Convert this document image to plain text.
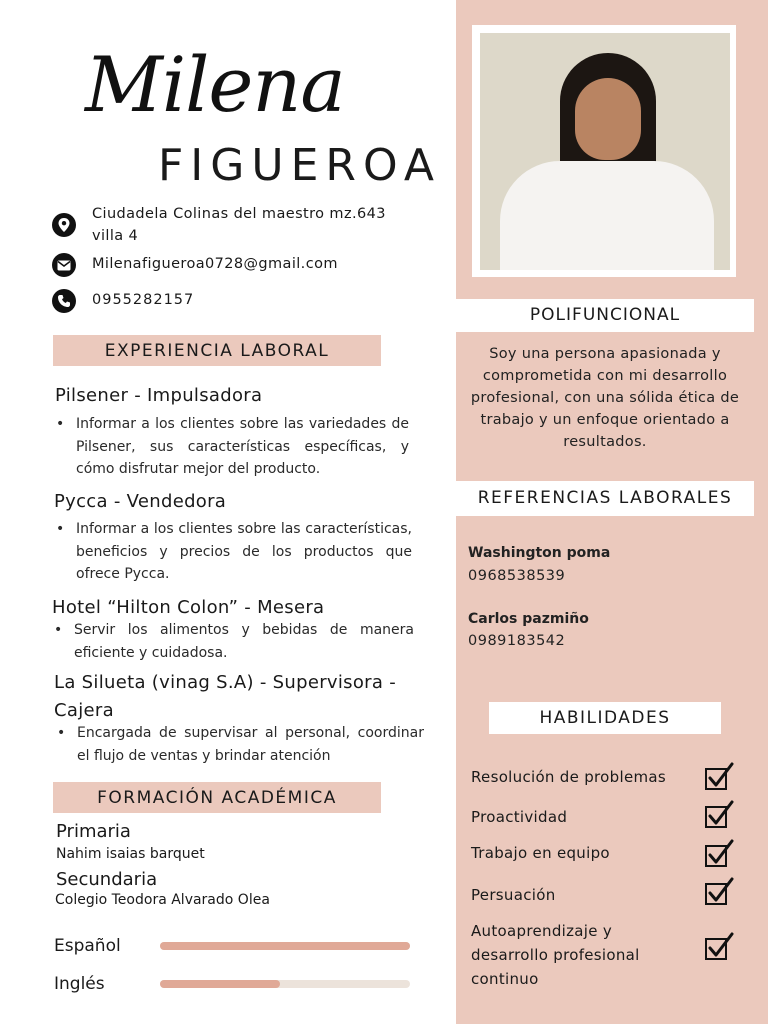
POLIFUNCIONAL
Soy una persona apasionada y comprometida con mi desarrollo profesional, con una sólida ética de trabajo y un enfoque orientado a resultados.
REFERENCIAS LABORALES
Washington poma
0968538539
Carlos pazmiño
0989183542
HABILIDADES
Resolución de problemas
Proactividad
Trabajo en equipo
Persuación
Autoaprendizaje y desarrollo profesional continuo
Milena
FIGUEROA
Ciudadela Colinas del maestro mz.643
villa 4
Milenafigueroa0728@gmail.com
0955282157
EXPERIENCIA LABORAL
Pilsener - Impulsadora
• Informar a los clientes sobre las variedades de Pilsener, sus características específicas, y cómo disfrutar mejor del producto.
Pycca - Vendedora
• Informar a los clientes sobre las características, beneficios y precios de los productos que ofrece Pycca.
Hotel “Hilton Colon” - Mesera
• Servir los alimentos y bebidas de manera eficiente y cuidadosa.
La Silueta (vinag S.A) - Supervisora -
Cajera
• Encargada de supervisar al personal, coordinar el flujo de ventas y brindar atención
FORMACIÓN ACADÉMICA
Primaria
Nahim isaias barquet
Secundaria
Colegio Teodora Alvarado Olea
Español
Inglés
